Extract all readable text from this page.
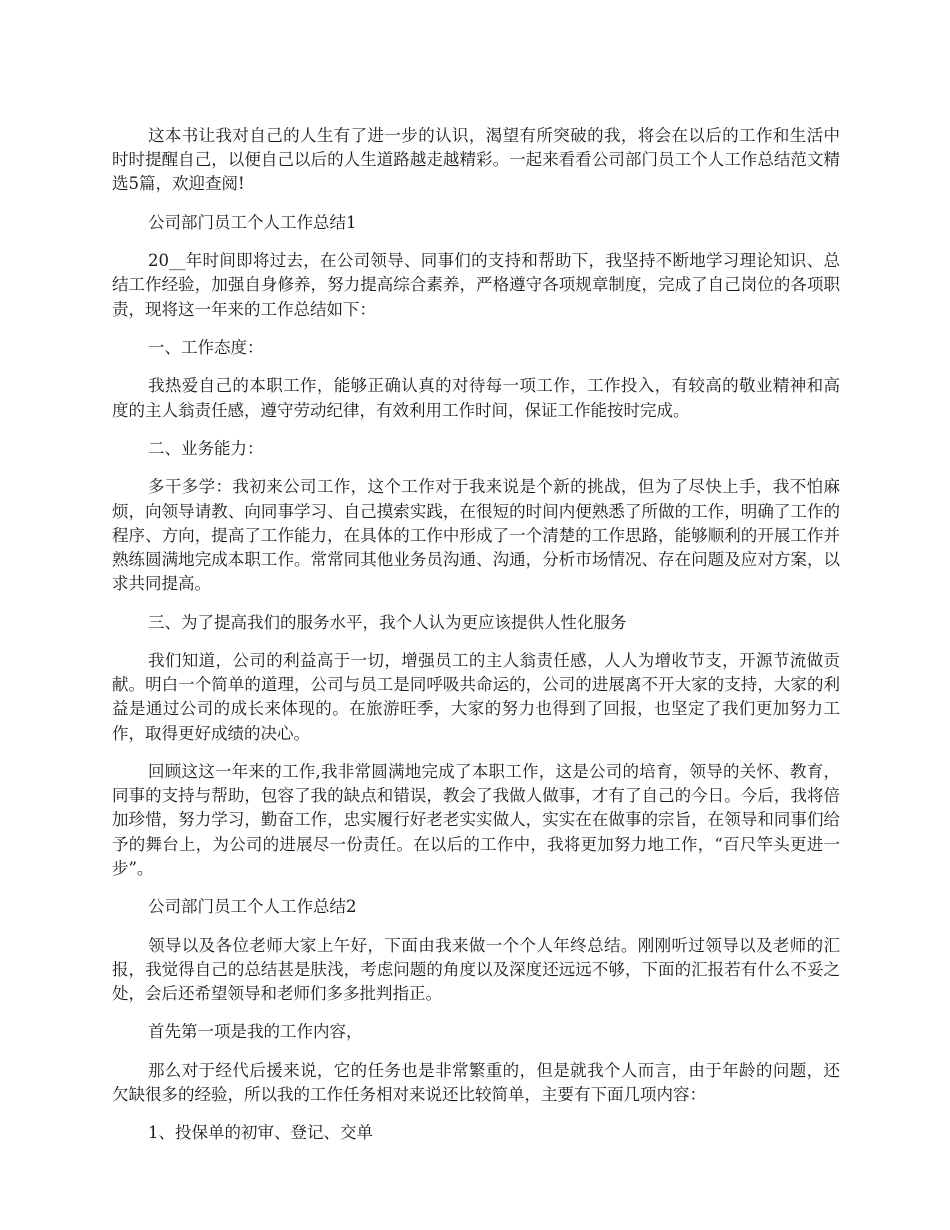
这本书让我对自己的人生有了进一步的认识，渴望有所突破的我，将会在以后的工作和生活中时时提醒自己，以便自己以后的人生道路越走越精彩。一起来看看公司部门员工个人工作总结范文精选5篇，欢迎查阅!

公司部门员工个人工作总结1

20__年时间即将过去，在公司领导、同事们的支持和帮助下，我坚持不断地学习理论知识、总结工作经验，加强自身修养，努力提高综合素养，严格遵守各项规章制度，完成了自己岗位的各项职责，现将这一年来的工作总结如下：

一、工作态度：

我热爱自己的本职工作，能够正确认真的对待每一项工作，工作投入，有较高的敬业精神和高度的主人翁责任感，遵守劳动纪律，有效利用工作时间，保证工作能按时完成。

二、业务能力：

多干多学：我初来公司工作，这个工作对于我来说是个新的挑战，但为了尽快上手，我不怕麻烦，向领导请教、向同事学习、自己摸索实践，在很短的时间内便熟悉了所做的工作，明确了工作的程序、方向，提高了工作能力，在具体的工作中形成了一个清楚的工作思路，能够顺利的开展工作并熟练圆满地完成本职工作。常常同其他业务员沟通、沟通，分析市场情况、存在问题及应对方案，以求共同提高。

三、为了提高我们的服务水平，我个人认为更应该提供人性化服务

我们知道，公司的利益高于一切，增强员工的主人翁责任感，人人为增收节支，开源节流做贡献。明白一个简单的道理，公司与员工是同呼吸共命运的，公司的进展离不开大家的支持，大家的利益是通过公司的成长来体现的。在旅游旺季，大家的努力也得到了回报，也坚定了我们更加努力工作，取得更好成绩的决心。

回顾这这一年来的工作,我非常圆满地完成了本职工作，这是公司的培育，领导的关怀、教育，同事的支持与帮助，包容了我的缺点和错误，教会了我做人做事，才有了自己的今日。今后，我将倍加珍惜，努力学习，勤奋工作，忠实履行好老老实实做人，实实在在做事的宗旨，在领导和同事们给予的舞台上，为公司的进展尽一份责任。在以后的工作中，我将更加努力地工作，“百尺竿头更进一步”。

公司部门员工个人工作总结2

领导以及各位老师大家上午好，下面由我来做一个个人年终总结。刚刚听过领导以及老师的汇报，我觉得自己的总结甚是肤浅，考虑问题的角度以及深度还远远不够，下面的汇报若有什么不妥之处，会后还希望领导和老师们多多批判指正。

首先第一项是我的工作内容，

那么对于经代后援来说，它的任务也是非常繁重的，但是就我个人而言，由于年龄的问题，还欠缺很多的经验，所以我的工作任务相对来说还比较简单，主要有下面几项内容：

1、投保单的初审、登记、交单
